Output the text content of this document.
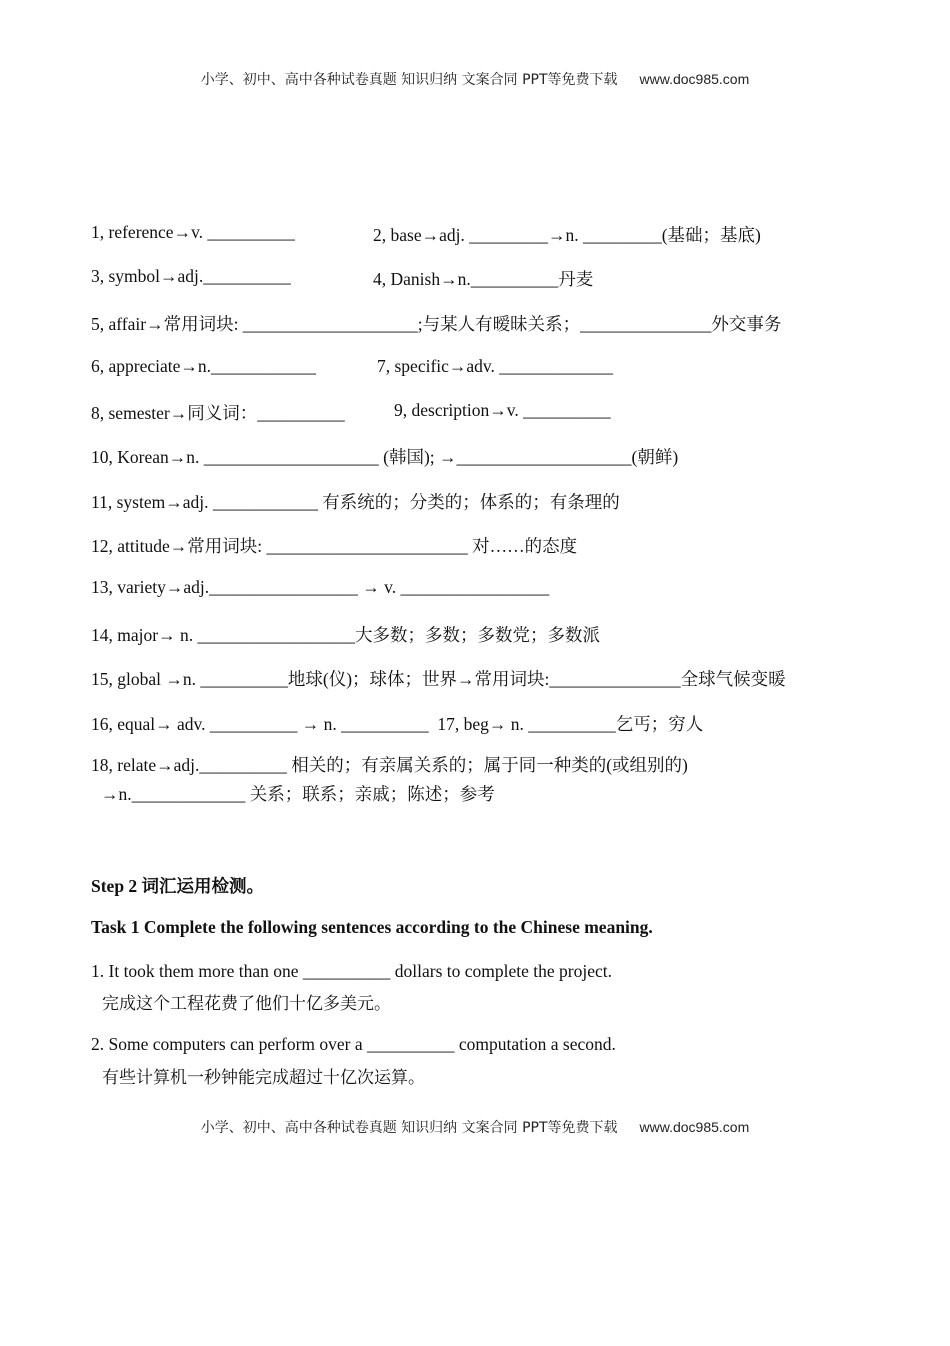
小学、初中、高中各种试卷真题 知识归纳 文案合同 PPT等免费下载 www.doc985.com
1, reference→v. __________	2, base→adj. _________→n. _________(基础；基底)
3, symbol→adj.__________	4, Danish→n.__________丹麦
5, affair→常用词块: ____________________;与某人有暧昧关系；_______________外交事务
6, appreciate→n.____________	7, specific→adv. _____________
8, semester→同义词：__________	9, description→v. __________
10, Korean→n. ____________________ (韩国); →____________________(朝鲜)
11, system→adj. ____________ 有系统的；分类的；体系的；有条理的
12, attitude→常用词块: _______________________ 对……的态度
13, variety→adj._________________ → v. _________________
14, major→ n. __________________大多数；多数；多数党；多数派
15, global →n. __________地球(仪)；球体；世界→常用词块:_______________全球气候变暖
16, equal→ adv. __________ → n. __________  17, beg→ n. __________乞丐；穷人
18, relate→adj.__________ 相关的；有亲属关系的；属于同一种类的(或组别的)
→n._____________ 关系；联系；亲戚；陈述；参考
Step 2 词汇运用检测。
Task 1 Complete the following sentences according to the Chinese meaning.
1. It took them more than one __________ dollars to complete the project.
完成这个工程花费了他们十亿多美元。
2. Some computers can perform over a __________ computation a second.
有些计算机一秒钟能完成超过十亿次运算。
小学、初中、高中各种试卷真题 知识归纳 文案合同 PPT等免费下载 www.doc985.com
